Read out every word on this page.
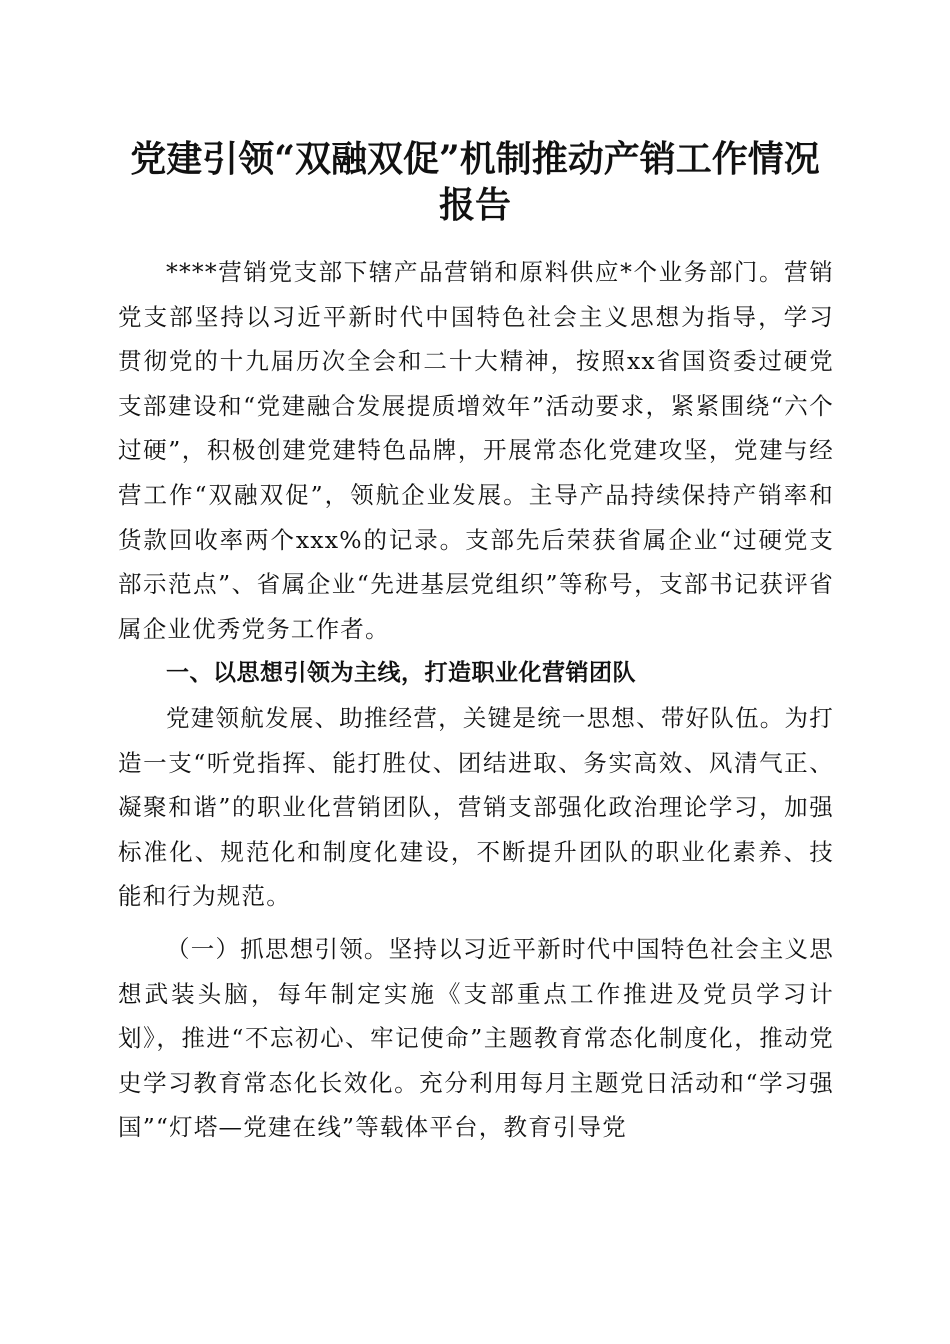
党建引领“双融双促”机制推动产销工作情况
报告

****营销党支部下辖产品营销和原料供应*个业务部门。营销党支部坚持以习近平新时代中国特色社会主义思想为指导，学习贯彻党的十九届历次全会和二十大精神，按照xx省国资委过硬党支部建设和“党建融合发展提质增效年”活动要求，紧紧围绕“六个过硬”，积极创建党建特色品牌，开展常态化党建攻坚，党建与经营工作“双融双促”，领航企业发展。主导产品持续保持产销率和货款回收率两个xxx%的记录。支部先后荣获省属企业“过硬党支部示范点”、省属企业“先进基层党组织”等称号，支部书记获评省属企业优秀党务工作者。

一、以思想引领为主线，打造职业化营销团队

党建领航发展、助推经营，关键是统一思想、带好队伍。为打造一支“听党指挥、能打胜仗、团结进取、务实高效、风清气正、凝聚和谐”的职业化营销团队，营销支部强化政治理论学习，加强标准化、规范化和制度化建设，不断提升团队的职业化素养、技能和行为规范。

（一）抓思想引领。坚持以习近平新时代中国特色社会主义思想武装头脑，每年制定实施《支部重点工作推进及党员学习计划》，推进“不忘初心、牢记使命”主题教育常态化制度化，推动党史学习教育常态化长效化。充分利用每月主题党日活动和“学习强国”“灯塔—党建在线”等载体平台，教育引导党
